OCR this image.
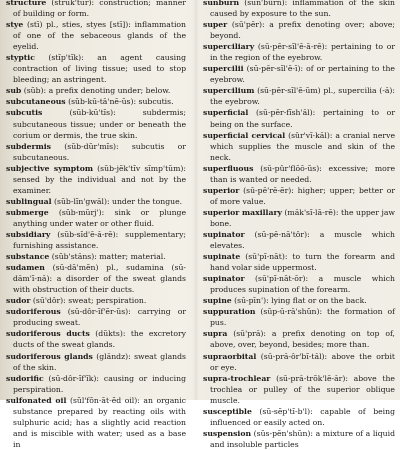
structure (strŭk'tūr): construction; manner of building or form.

stye (stī) pl., sties, styes [stī]): inflammation of one of the sebaceous glands of the eyelid.

styptic (stĭp'tĭk): an agent causing contraction of living tissue; used to stop bleeding; an astringent.

sub (sŭb): a prefix denoting under; below.

subcutaneous (sŭb-kū-tā'nē-ŭs): subcutis.

subcutis (sŭb-kū'tĭs): subdermis; subcutaneous tissue; under or beneath the corium or dermis, the true skin.

subdermis (sŭb-dŭr'mĭs): subcutis or subcutaneous.

subjective symptom (sŭb-jĕk'tĭv sĭmp'tŭm): sensed by the individual and not by the examiner.

sublingual (sŭb-lĭn'gwăl): under the tongue.

submerge (sŭb-mŭrj'): sink or plunge anything under water or other fluid.

subsidiary (sŭb-sĭd'ē-ă-rē): supplementary; furnishing assistance.

substance (sŭb'stăns): matter; material.

sudamen (sū-dā'mĕn) pl., sudamina (sū-dăm'ĭ-nă): a disorder of the sweat glands with obstruction of their ducts.

sudor (sū'dôr): sweat; perspiration.

sudoriferous (sū-dôr-ĭf'ĕr-ŭs): carrying or producing sweat.

sudoriferous ducts (dŭkts): the excretory ducts of the sweat glands.

sudoriferous glands (glăndz): sweat glands of the skin.

sudorific (sū-dôr-ĭf'ĭk): causing or inducing perspiration.

sulfonated oil (sŭl'fŏn-āt-ĕd oil): an organic substance prepared by reacting oils with sulphuric acid; has a slightly acid reaction and is miscible with water; used as a base in

sunburn (sŭn'bûrn): inflammation of the skin caused by exposure to the sun.

super (sū'pēr): a prefix denoting over; above; beyond.

superciliary (sū-pēr-sĭl'ē-ā-rē): pertaining to or in the region of the eyebrow.

supercilii (sū-pēr-sĭl'ē-ī): of or pertaining to the eyebrow.

supercilium (sū-pēr-sĭl'ē-ŭm) pl., supercilia (-ă): the eyebrow.

superficial (sū-pēr-fĭsh'ăl): pertaining to or being on the surface.

superficial cervical (sûr'vĭ-kăl): a cranial nerve which supplies the muscle and skin of the neck.

superfluous (sū-pûr'flōō-ŭs): excessive; more than is wanted or needed.

superior (sū-pē'rē-ēr): higher; upper; better or of more value.

superior maxillary (măk'sĭ-lā-rē): the upper jaw bone.

supinator (sū-pē-nā'tôr): a muscle which elevates.

supinate (sū'pĭ-nāt): to turn the forearm and hand volar side uppermost.

supinator (sū'pĭ-nāt-ōr): a muscle which produces supination of the forearm.

supine (sū-pīn'): lying flat or on the back.

suppuration (sŭp-ū-rā'shŭn): the formation of pus.

supra (sū'pră): a prefix denoting on top of, above, over, beyond, besides; more than.

supraorbital (sū-pră-ôr'bĭ-tăl): above the orbit or eye.

supra-trochlear (sū-pră-trŏk'lē-ăr): above the trochlea or pulley of the superior oblique muscle.

susceptible (sŭ-sĕp'tĭ-b'l): capable of being influenced or easily acted on.

suspension (sŭs-pĕn'shŭn): a mixture of a liquid and insoluble particles
